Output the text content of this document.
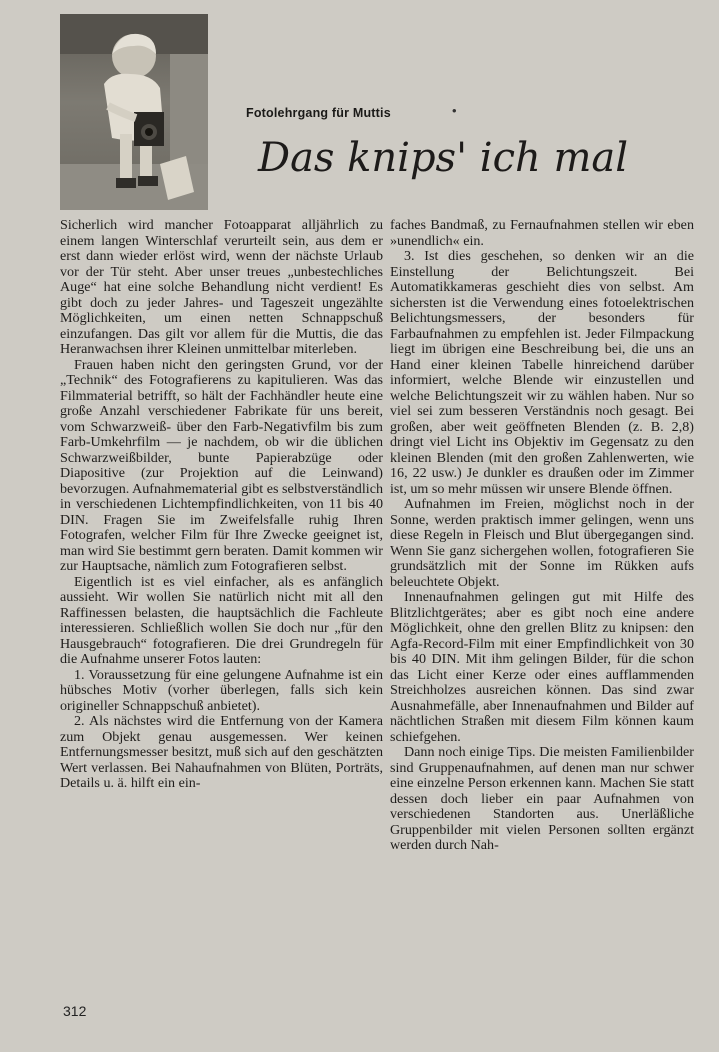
Fotolehrgang für Muttis	•
Das knips' ich mal

Sicherlich wird mancher Fotoapparat alljährlich zu einem langen Winterschlaf verurteilt sein, aus dem er erst dann wieder erlöst wird, wenn der nächste Urlaub vor der Tür steht. Aber unser treues „unbestechliches Auge“ hat eine solche Behandlung nicht verdient! Es gibt doch zu jeder Jahres- und Tageszeit ungezählte Möglichkeiten, um einen netten Schnappschuß einzufangen. Das gilt vor allem für die Muttis, die das Heranwachsen ihrer Kleinen unmittelbar miterleben.

Frauen haben nicht den geringsten Grund, vor der „Technik“ des Fotografierens zu kapitulieren. Was das Filmmaterial betrifft, so hält der Fachhändler heute eine große Anzahl verschiedener Fabrikate für uns bereit, vom Schwarzweiß- über den Farb-Negativfilm bis zum Farb-Umkehrfilm — je nachdem, ob wir die üblichen Schwarzweißbilder, bunte Papierabzüge oder Diapositive (zur Projektion auf die Leinwand) bevorzugen. Aufnahmematerial gibt es selbstverständlich in verschiedenen Lichtempfindlichkeiten, von 11 bis 40 DIN. Fragen Sie im Zweifelsfalle ruhig Ihren Fotografen, welcher Film für Ihre Zwecke geeignet ist, man wird Sie bestimmt gern beraten. Damit kommen wir zur Hauptsache, nämlich zum Fotografieren selbst.

Eigentlich ist es viel einfacher, als es anfänglich aussieht. Wir wollen Sie natürlich nicht mit all den Raffinessen belasten, die hauptsächlich die Fachleute interessieren. Schließlich wollen Sie doch nur „für den Hausgebrauch“ fotografieren. Die drei Grundregeln für die Aufnahme unserer Fotos lauten:

1. Voraussetzung für eine gelungene Aufnahme ist ein hübsches Motiv (vorher überlegen, falls sich kein origineller Schnappschuß anbietet).

2. Als nächstes wird die Entfernung von der Kamera zum Objekt genau ausgemessen. Wer keinen Entfernungsmesser besitzt, muß sich auf den geschätzten Wert verlassen. Bei Nahaufnahmen von Blüten, Porträts, Details u. ä. hilft ein ein-

faches Bandmaß, zu Fernaufnahmen stellen wir eben »unendlich« ein.

3. Ist dies geschehen, so denken wir an die Einstellung der Belichtungszeit. Bei Automatikkameras geschieht dies von selbst. Am sichersten ist die Verwendung eines fotoelektrischen Belichtungsmessers, der besonders für Farbaufnahmen zu empfehlen ist. Jeder Filmpackung liegt im übrigen eine Beschreibung bei, die uns an Hand einer kleinen Tabelle hinreichend darüber informiert, welche Blende wir einzustellen und welche Belichtungszeit wir zu wählen haben. Nur so viel sei zum besseren Verständnis noch gesagt. Bei großen, aber weit geöffneten Blenden (z. B. 2,8) dringt viel Licht ins Objektiv im Gegensatz zu den kleinen Blenden (mit den großen Zahlenwerten, wie 16, 22 usw.) Je dunkler es draußen oder im Zimmer ist, um so mehr müssen wir unsere Blende öffnen.

Aufnahmen im Freien, möglichst noch in der Sonne, werden praktisch immer gelingen, wenn uns diese Regeln in Fleisch und Blut übergegangen sind. Wenn Sie ganz sichergehen wollen, fotografieren Sie grundsätzlich mit der Sonne im Rükken aufs beleuchtete Objekt.

Innenaufnahmen gelingen gut mit Hilfe des Blitzlichtgerätes; aber es gibt noch eine andere Möglichkeit, ohne den grellen Blitz zu knipsen: den Agfa-Record-Film mit einer Empfindlichkeit von 30 bis 40 DIN. Mit ihm gelingen Bilder, für die schon das Licht einer Kerze oder eines aufflammenden Streichholzes ausreichen können. Das sind zwar Ausnahmefälle, aber Innenaufnahmen und Bilder auf nächtlichen Straßen mit diesem Film können kaum schiefgehen.

Dann noch einige Tips. Die meisten Familienbilder sind Gruppenaufnahmen, auf denen man nur schwer eine einzelne Person erkennen kann. Machen Sie statt dessen doch lieber ein paar Aufnahmen von verschiedenen Standorten aus. Unerläßliche Gruppenbilder mit vielen Personen sollten ergänzt werden durch Nah-

312
